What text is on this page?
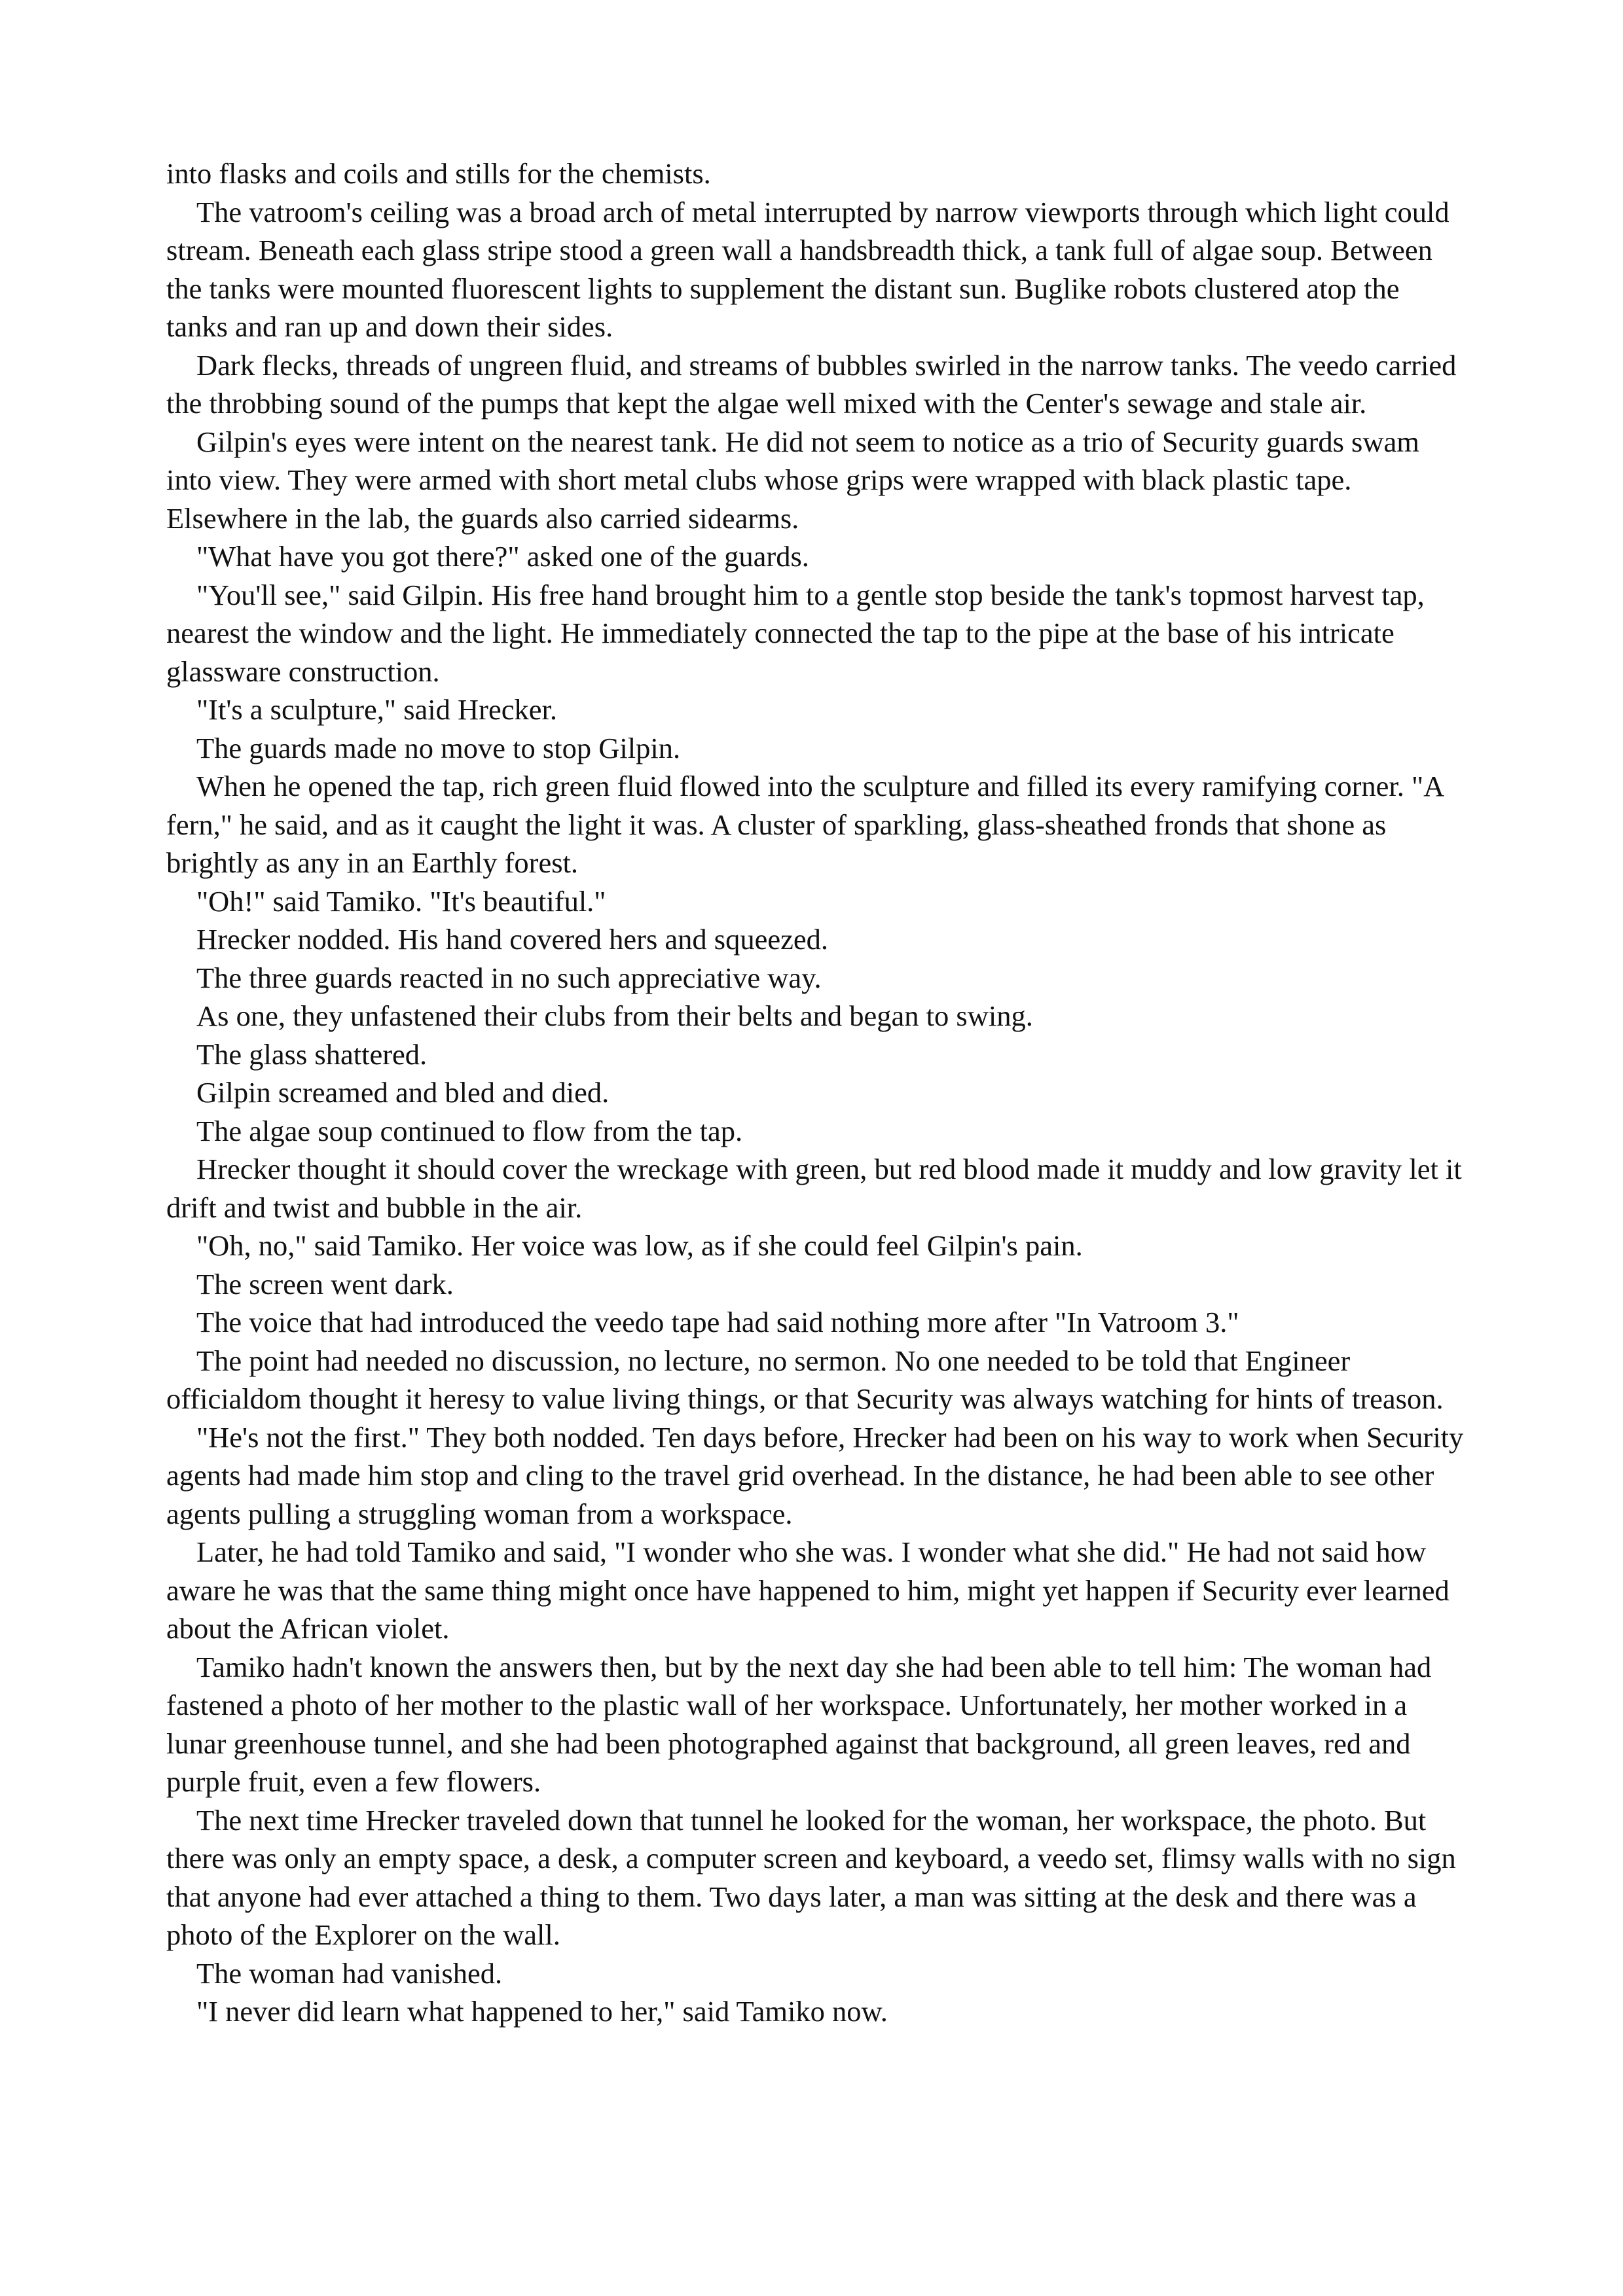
into flasks and coils and stills for the chemists.

The vatroom's ceiling was a broad arch of metal interrupted by narrow viewports through which light could stream. Beneath each glass stripe stood a green wall a handsbreadth thick, a tank full of algae soup. Between the tanks were mounted fluorescent lights to supplement the distant sun. Buglike robots clustered atop the tanks and ran up and down their sides.

Dark flecks, threads of ungreen fluid, and streams of bubbles swirled in the narrow tanks. The veedo carried the throbbing sound of the pumps that kept the algae well mixed with the Center's sewage and stale air.

Gilpin's eyes were intent on the nearest tank. He did not seem to notice as a trio of Security guards swam into view. They were armed with short metal clubs whose grips were wrapped with black plastic tape. Elsewhere in the lab, the guards also carried sidearms.

"What have you got there?" asked one of the guards.

"You'll see," said Gilpin. His free hand brought him to a gentle stop beside the tank's topmost harvest tap, nearest the window and the light. He immediately connected the tap to the pipe at the base of his intricate glassware construction.

"It's a sculpture," said Hrecker.

The guards made no move to stop Gilpin.

When he opened the tap, rich green fluid flowed into the sculpture and filled its every ramifying corner. "A fern," he said, and as it caught the light it was. A cluster of sparkling, glass-sheathed fronds that shone as brightly as any in an Earthly forest.

"Oh!" said Tamiko. "It's beautiful."

Hrecker nodded. His hand covered hers and squeezed.

The three guards reacted in no such appreciative way.

As one, they unfastened their clubs from their belts and began to swing.

The glass shattered.

Gilpin screamed and bled and died.

The algae soup continued to flow from the tap.

Hrecker thought it should cover the wreckage with green, but red blood made it muddy and low gravity let it drift and twist and bubble in the air.

"Oh, no," said Tamiko. Her voice was low, as if she could feel Gilpin's pain.

The screen went dark.

The voice that had introduced the veedo tape had said nothing more after "In Vatroom 3."

The point had needed no discussion, no lecture, no sermon. No one needed to be told that Engineer officialdom thought it heresy to value living things, or that Security was always watching for hints of treason.

"He's not the first." They both nodded. Ten days before, Hrecker had been on his way to work when Security agents had made him stop and cling to the travel grid overhead. In the distance, he had been able to see other agents pulling a struggling woman from a workspace.

Later, he had told Tamiko and said, "I wonder who she was. I wonder what she did." He had not said how aware he was that the same thing might once have happened to him, might yet happen if Security ever learned about the African violet.

Tamiko hadn't known the answers then, but by the next day she had been able to tell him: The woman had fastened a photo of her mother to the plastic wall of her workspace. Unfortunately, her mother worked in a lunar greenhouse tunnel, and she had been photographed against that background, all green leaves, red and purple fruit, even a few flowers.

The next time Hrecker traveled down that tunnel he looked for the woman, her workspace, the photo. But there was only an empty space, a desk, a computer screen and keyboard, a veedo set, flimsy walls with no sign that anyone had ever attached a thing to them. Two days later, a man was sitting at the desk and there was a photo of the Explorer on the wall.

The woman had vanished.

"I never did learn what happened to her," said Tamiko now.
